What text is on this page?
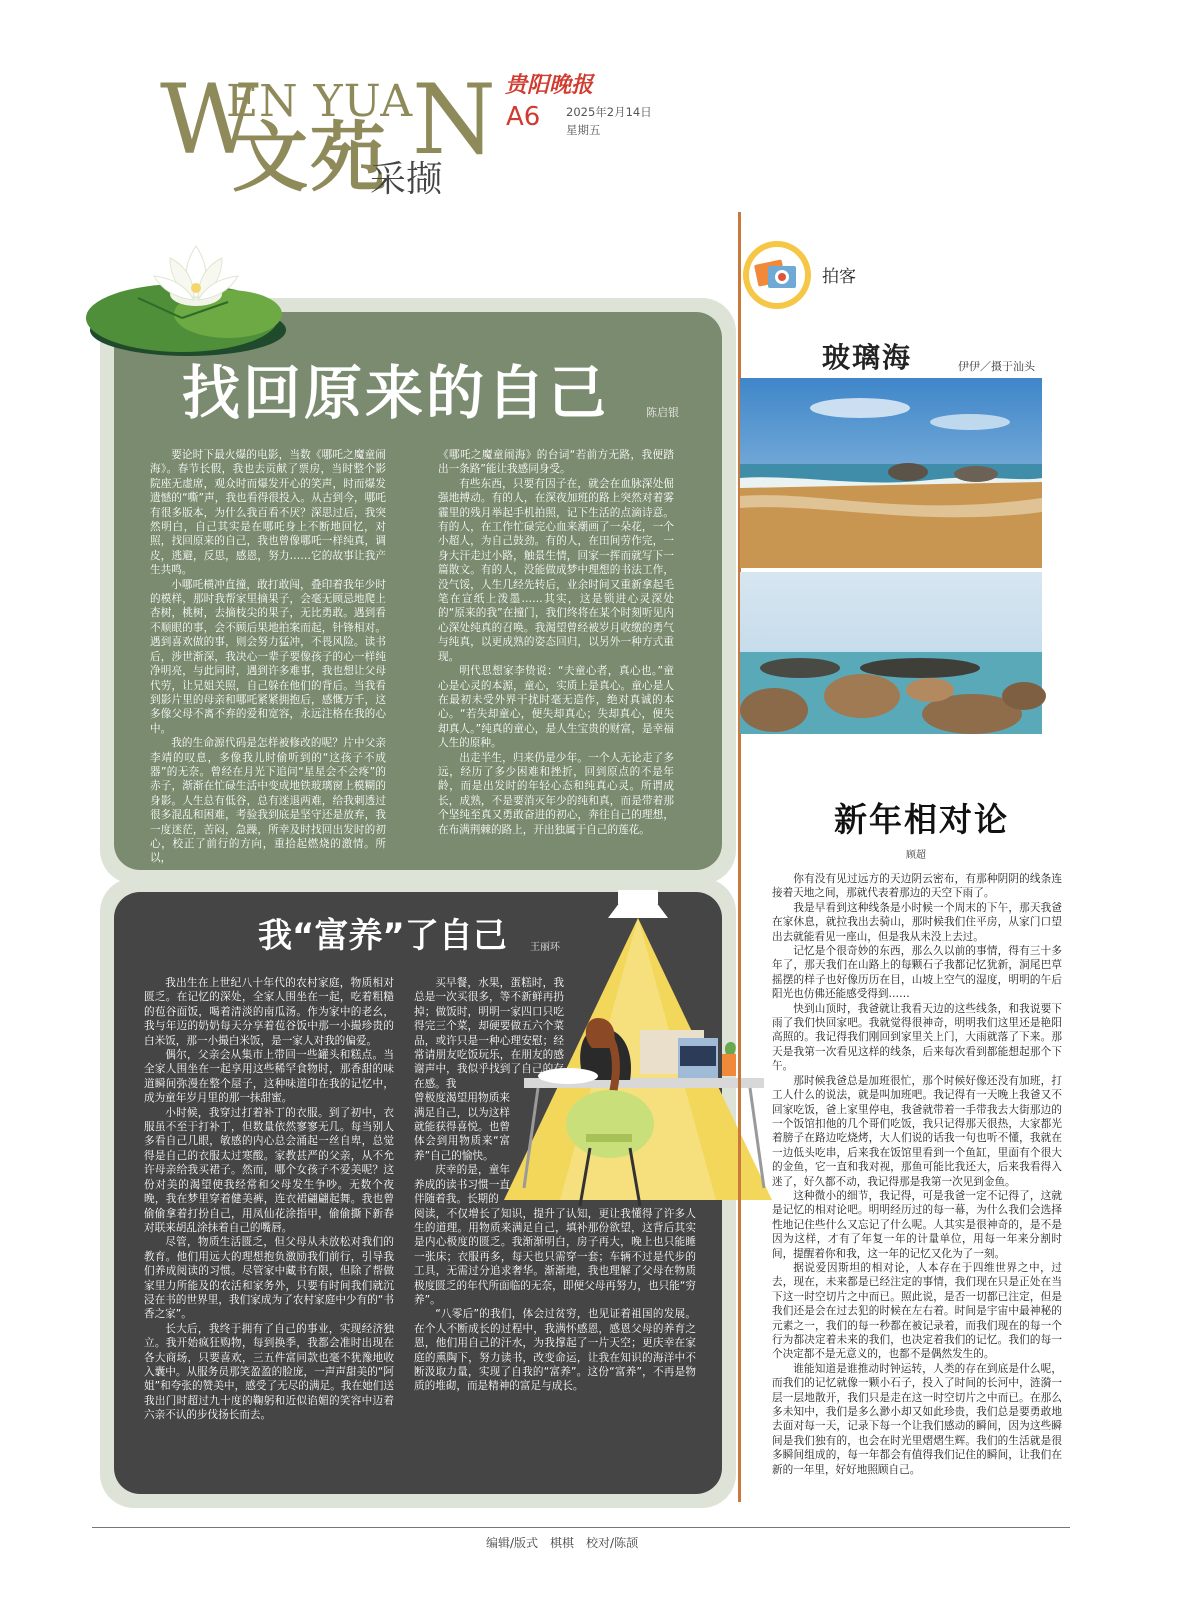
W
EN YUA
N
文苑
采撷
贵阳晚报
A6 2025年2月14日
星期五
找回原来的自己	陈启银

要论时下最火爆的电影，当数《哪吒之魔童闹海》。春节长假，我也去贡献了票房，当时整个影院座无虚席，观众时而爆发开心的笑声，时而爆发遗憾的“嘶”声，我也看得很投入。从古到今，哪吒有很多版本，为什么我百看不厌？深思过后，我突然明白，自己其实是在哪吒身上不断地回忆，对照，找回原来的自己，我也曾像哪吒一样纯真，调皮，逃避，反思，感恩，努力……它的故事让我产生共鸣。

小哪吒横冲直撞，敢打敢闯，叠印着我年少时的模样，那时我帮家里摘果子，会毫无顾忌地爬上杏树，桃树，去摘枝尖的果子，无比勇敢。遇到看不顺眼的事，会不顾后果地拍案而起，针锋相对。遇到喜欢做的事，则会努力猛冲，不畏风险。读书后，涉世渐深，我决心一辈子要像孩子的心一样纯净明亮，与此同时，遇到许多难事，我也想让父母代劳，让兄姐关照，自己躲在他们的背后。当我看到影片里的母亲和哪吒紧紧拥抱后，感慨万千，这多像父母不离不弃的爱和宽容，永远注格在我的心中。

我的生命源代码是怎样被修改的呢？片中父亲李靖的叹息，多像我儿时偷听到的“这孩子不成器”的无奈。曾经在月光下追问“星星会不会疼”的赤子，渐渐在忙碌生活中变成地铁玻璃窗上模糊的身影。人生总有低谷，总有迷退两难，给我刺透过很多混乱和困难，考验我到底是坚守还是放弃，我一度迷茫，苦闷，急躁，所幸及时找回出发时的初心，校正了前行的方向，重拾起燃烧的激情。所以，

《哪吒之魔童闹海》的台词“若前方无路，我便踏出一条路”能让我感同身受。

有些东西，只要有因子在，就会在血脉深处倔强地搏动。有的人，在深夜加班的路上突然对着雾霾里的残月举起手机拍照，记下生活的点滴诗意。有的人，在工作忙碌完心血来潮画了一朵花，一个小超人，为自己鼓劲。有的人，在田间劳作完，一身大汗走过小路，触景生情，回家一挥而就写下一篇散文。有的人，没能做成梦中理想的书法工作，没气馁，人生几经先转后，业余时间又重新拿起毛笔在宣纸上泼墨……其实，这是锁进心灵深处的“原来的我”在撞门，我们终将在某个时刻听见内心深处纯真的召唤。我渴望曾经被岁月收缴的勇气与纯真，以更成熟的姿态回归，以另外一种方式重现。

明代思想家李贽说：“夫童心者，真心也。”童心是心灵的本源，童心，实质上是真心。童心是人在最初未受外界干扰时毫无造作，绝对真诚的本心。“若失却童心，便失却真心；失却真心，便失却真人。”纯真的童心，是人生宝贵的财富，是幸福人生的原种。

出走半生，归来仍是少年。一个人无论走了多远，经历了多少困难和挫折，回到原点的不是年龄，而是出发时的年轻心态和纯真心灵。所谓成长，成熟，不是要消灭年少的纯和真，而是带着那个坚纯至真又勇敢奋进的初心，奔往自己的理想，在布满荆棘的路上，开出独属于自己的莲花。

我“富养”了自己 王丽环

我出生在上世纪八十年代的农村家庭，物质相对匮乏。在记忆的深处，全家人围坐在一起，吃着粗糙的苞谷面饭，喝着清淡的南瓜汤。作为家中的老幺，我与年迈的奶奶每天分享着苞谷饭中那一小撮珍贵的白米饭，那一小撮白米饭，是一家人对我的偏爱。

偶尔，父亲会从集市上带回一些罐头和糕点。当全家人围坐在一起享用这些稀罕食物时，那香甜的味道瞬间弥漫在整个屋子，这种味道印在我的记忆中，成为童年岁月里的那一抹甜蜜。

小时候，我穿过打着补丁的衣服。到了初中，衣服虽不至于打补丁，但数量依然寥寥无几。每当别人多看自己几眼，敏感的内心总会涌起一丝自卑，总觉得是自己的衣服太过寒酸。家教甚严的父亲，从不允许母亲给我买裙子。然而，哪个女孩子不爱美呢？这份对美的渴望使我经常和父母发生争吵。无数个夜晚，我在梦里穿着健美裤，连衣裙翩翩起舞。我也曾偷偷拿着打扮自己，用凤仙花涂指甲，偷偷撕下新春对联来胡乱涂抹着自己的嘴唇。

尽管，物质生活匮乏，但父母从未放松对我们的教育。他们用远大的理想抱负激励我们前行，引导我们养成阅读的习惯。尽管家中藏书有限，但除了帮做家里力所能及的农活和家务外，只要有时间我们就沉浸在书的世界里，我们家成为了农村家庭中少有的“书香之家”。

长大后，我终于拥有了自己的事业，实现经济独立。我开始疯狂购物，每到换季，我都会准时出现在各大商场，只要喜欢，三五件富同款也毫不犹豫地收入囊中。从服务员那笑盈盈的脸庞，一声声甜美的“阿姐”和夸张的赞美中，感受了无尽的满足。我在她们送我出门时超过九十度的鞠躬和近似谄媚的笑容中迈着六亲不认的步伐扬长而去。

买早餐，水果，蛋糕时，我总是一次买很多，等不新鲜再扔掉；做饭时，明明一家四口只吃得完三个菜，却硬要做五六个菜品，或许只是一种心理安慰；经常请朋友吃饭玩乐，在朋友的感谢声中，我似乎找到了自己的存在感。我

曾极度渴望用物质来满足自己，以为这样就能获得喜悦。也曾体会到用物质来“富养”自己的愉快。

庆幸的是，童年养成的读书习惯一直伴随着我。长期的

阅读，不仅增长了知识，提升了认知，更让我懂得了许多人生的道理。用物质来满足自己，填补那份欲望，这背后其实是内心极度的匮乏。我渐渐明白，房子再大，晚上也只能睡一张床；衣服再多，每天也只需穿一套；车辆不过是代步的工具，无需过分追求奢华。渐渐地，我也理解了父母在物质极度匮乏的年代所面临的无奈，即便父母再努力，也只能“穷养”。

“八零后”的我们，体会过贫穷，也见证着祖国的发展。在个人不断成长的过程中，我满怀感恩，感恩父母的养育之恩，他们用自己的汗水，为我撑起了一片天空；更庆幸在家庭的熏陶下，努力读书，改变命运，让我在知识的海洋中不断汲取力量，实现了自我的“富养”。这份“富养”，不再是物质的堆砌，而是精神的富足与成长。

拍客
玻璃海	伊伊／摄于汕头
新年相对论
顾超

你有没有见过远方的天边阴云密布，有那种阴阴的线条连接着天地之间，那就代表着那边的天空下雨了。

我是早看到这种线条是小时候一个周末的下午，那天我爸在家休息，就拉我出去骑山，那时候我们住平房，从家门口望出去就能看见一座山，但是我从未没上去过。

记忆是个很奇妙的东西，那么久以前的事情，得有三十多年了，那天我们在山路上的每颗石子我都记忆犹新，洞尾巴草摇摆的样子也好像历历在目，山坡上空气的湿度，明明的午后阳光也仿佛还能感受得到……

快到山顶时，我爸就让我看天边的这些线条，和我说要下雨了我们快回家吧。我就觉得很神奇，明明我们这里还是艳阳高照的。我记得我们刚回到家里关上门，大雨就落了下来。那天是我第一次看见这样的线条，后来每次看到都能想起那个下午。

那时候我爸总是加班很忙，那个时候好像还没有加班，打工人什么的说法，就是叫加班吧。我记得有一天晚上我爸又不回家吃饭，爸上家里停电，我爸就带着一手带我去大街那边的一个饭馆扣他的几个哥们吃饭，我只记得那天很热，大家都光着膀子在路边吃烧烤，大人们说的话我一句也听不懂，我就在一边低头吃串，后来我在饭馆里看到一个鱼缸，里面有个很大的金鱼，它一直和我对视，那鱼可能比我还大，后来我看得入迷了，好久都不动，我记得那是我第一次见到金鱼。

这种微小的细节，我记得，可是我爸一定不记得了，这就是记忆的相对论吧。明明经历过的每一幕，为什么我们会选择性地记住些什么又忘记了什么呢。人其实是很神奇的，是不是因为这样，才有了年复一年的计量单位，用每一年来分割时间，提醒着你和我，这一年的记忆又化为了一刻。

据说爱因斯坦的相对论，人本存在于四维世界之中，过去，现在，未来都是已经注定的事情，我们现在只是正处在当下这一时空切片之中而已。照此说，是否一切都已注定，但是我们还是会在过去犯的时候在左右着。时间是宇宙中最神秘的元素之一，我们的每一秒都在被记录着，而我们现在的每一个行为都决定着未来的我们，也决定着我们的记忆。我们的每一个决定都不是无意义的，也都不是偶然发生的。

谁能知道是谁推动时钟运转，人类的存在到底是什么呢，而我们的记忆就像一颗小石子，投入了时间的长河中，涟漪一层一层地散开，我们只是走在这一时空切片之中而已。在那么多未知中，我们是多么渺小却又如此珍贵，我们总是要勇敢地去面对每一天，记录下每一个让我们感动的瞬间，因为这些瞬间是我们独有的，也会在时光里熠熠生辉。我们的生活就是很多瞬间组成的，每一年都会有值得我们记住的瞬间，让我们在新的一年里，好好地照顾自己。

编辑/版式　棋棋　校对/陈颉
